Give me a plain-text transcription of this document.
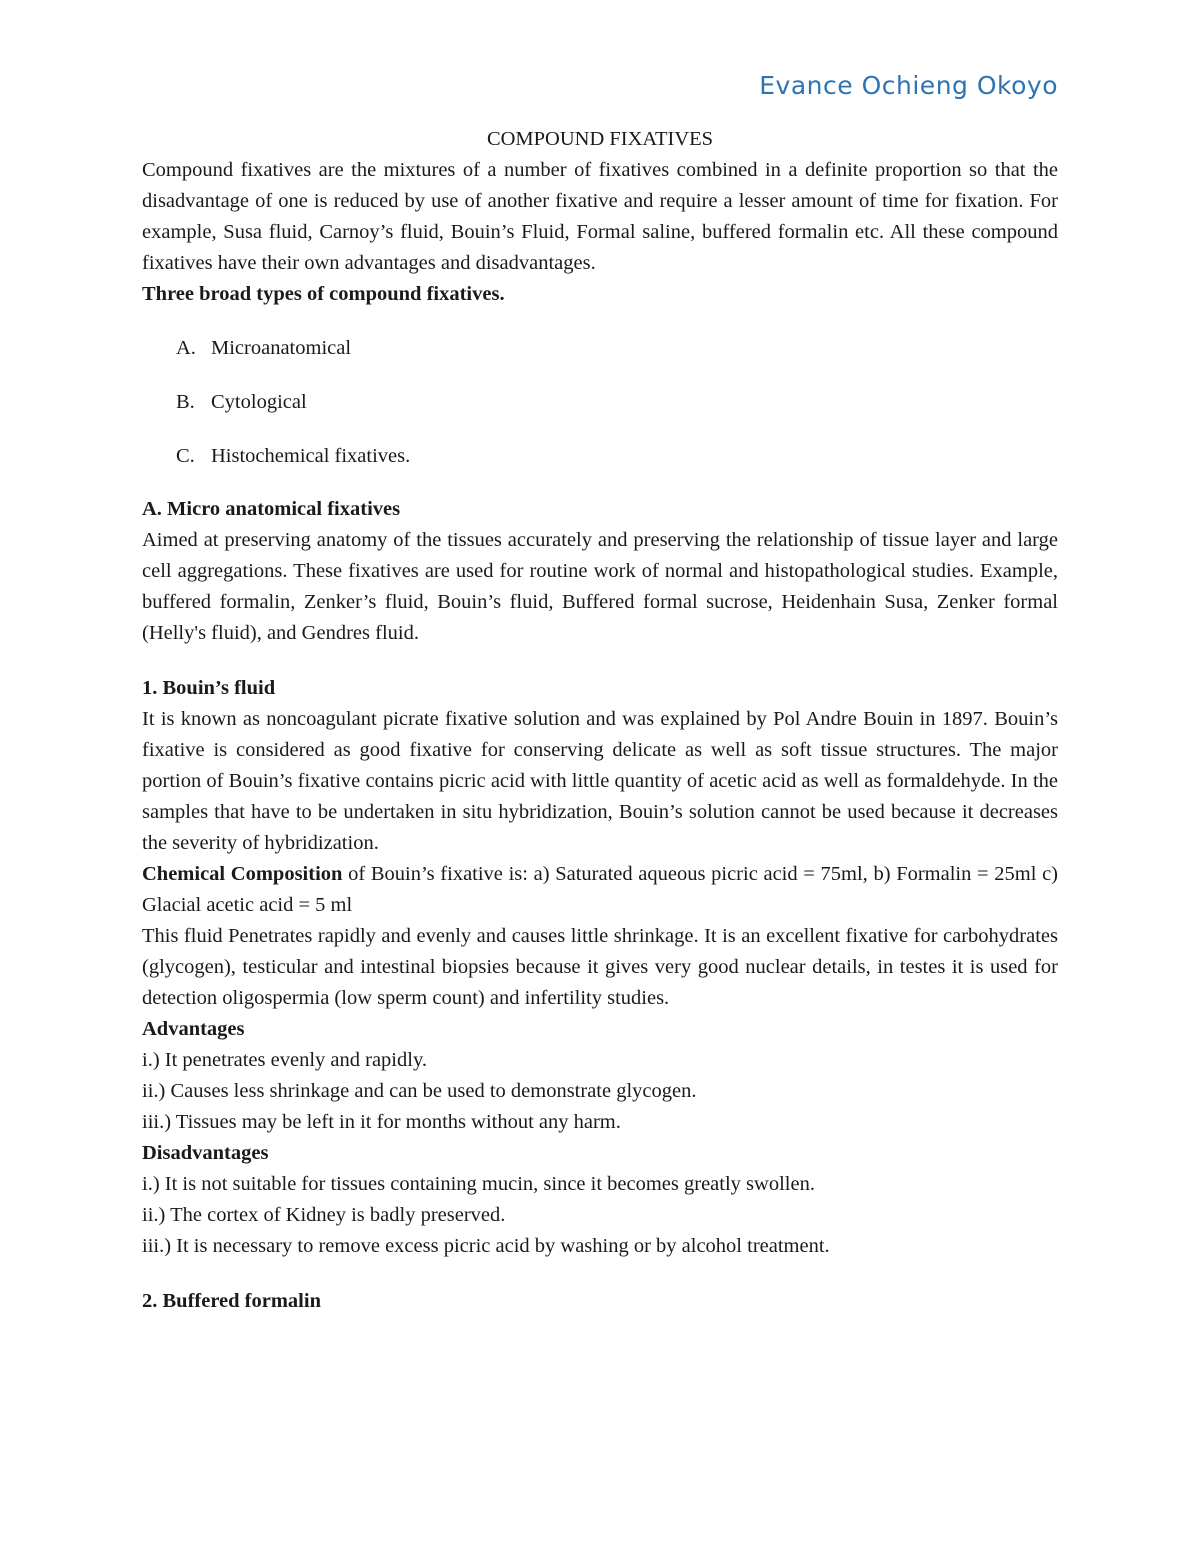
Evance Ochieng Okoyo

COMPOUND FIXATIVES

Compound fixatives are the mixtures of a number of fixatives combined in a definite proportion so that the disadvantage of one is reduced by use of another fixative and require a lesser amount of time for fixation. For example, Susa fluid, Carnoy’s fluid, Bouin’s Fluid, Formal saline, buffered formalin etc. All these compound fixatives have their own advantages and disadvantages.

Three broad types of compound fixatives.

A. Microanatomical
B. Cytological
C. Histochemical fixatives.

A. Micro anatomical fixatives

Aimed at preserving anatomy of the tissues accurately and preserving the relationship of tissue layer and large cell aggregations. These fixatives are used for routine work of normal and histopathological studies. Example, buffered formalin, Zenker’s fluid, Bouin’s fluid, Buffered formal sucrose, Heidenhain Susa, Zenker formal (Helly's fluid), and Gendres fluid.

1. Bouin’s fluid

It is known as noncoagulant picrate fixative solution and was explained by Pol Andre Bouin in 1897. Bouin’s fixative is considered as good fixative for conserving delicate as well as soft tissue structures. The major portion of Bouin’s fixative contains picric acid with little quantity of acetic acid as well as formaldehyde. In the samples that have to be undertaken in situ hybridization, Bouin’s solution cannot be used because it decreases the severity of hybridization.

Chemical Composition of Bouin’s fixative is: a) Saturated aqueous picric acid = 75ml, b) Formalin = 25ml c) Glacial acetic acid = 5 ml

This fluid Penetrates rapidly and evenly and causes little shrinkage. It is an excellent fixative for carbohydrates (glycogen), testicular and intestinal biopsies because it gives very good nuclear details, in testes it is used for detection oligospermia (low sperm count) and infertility studies.

Advantages

i.) It penetrates evenly and rapidly.

ii.) Causes less shrinkage and can be used to demonstrate glycogen.

iii.) Tissues may be left in it for months without any harm.

Disadvantages

i.) It is not suitable for tissues containing mucin, since it becomes greatly swollen.

ii.) The cortex of Kidney is badly preserved.

iii.) It is necessary to remove excess picric acid by washing or by alcohol treatment.

2. Buffered formalin
